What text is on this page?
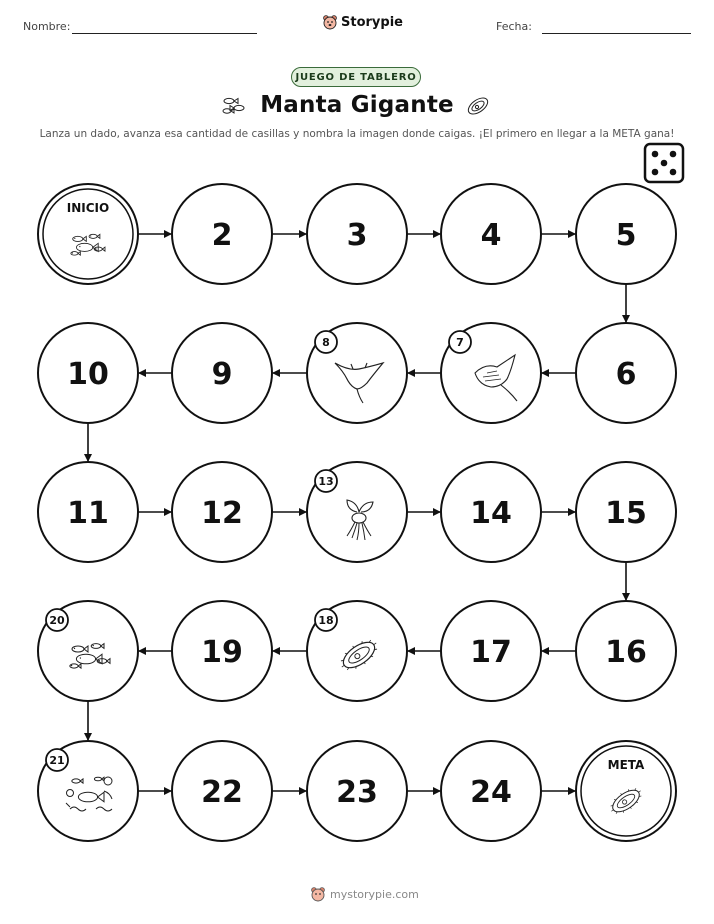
Nombre:	Storypie	Fecha:
JUEGO DE TABLERO
Manta Gigante
Lanza un dado, avanza esa cantidad de casillas y nombra la imagen donde caigas. ¡El primero en llegar a la META gana!
INICIO
2	3	4	5
6
7
8
9
10
11	12
13
14	15
16
17
18
19
20
21
22	23	24
META
mystorypie.com
